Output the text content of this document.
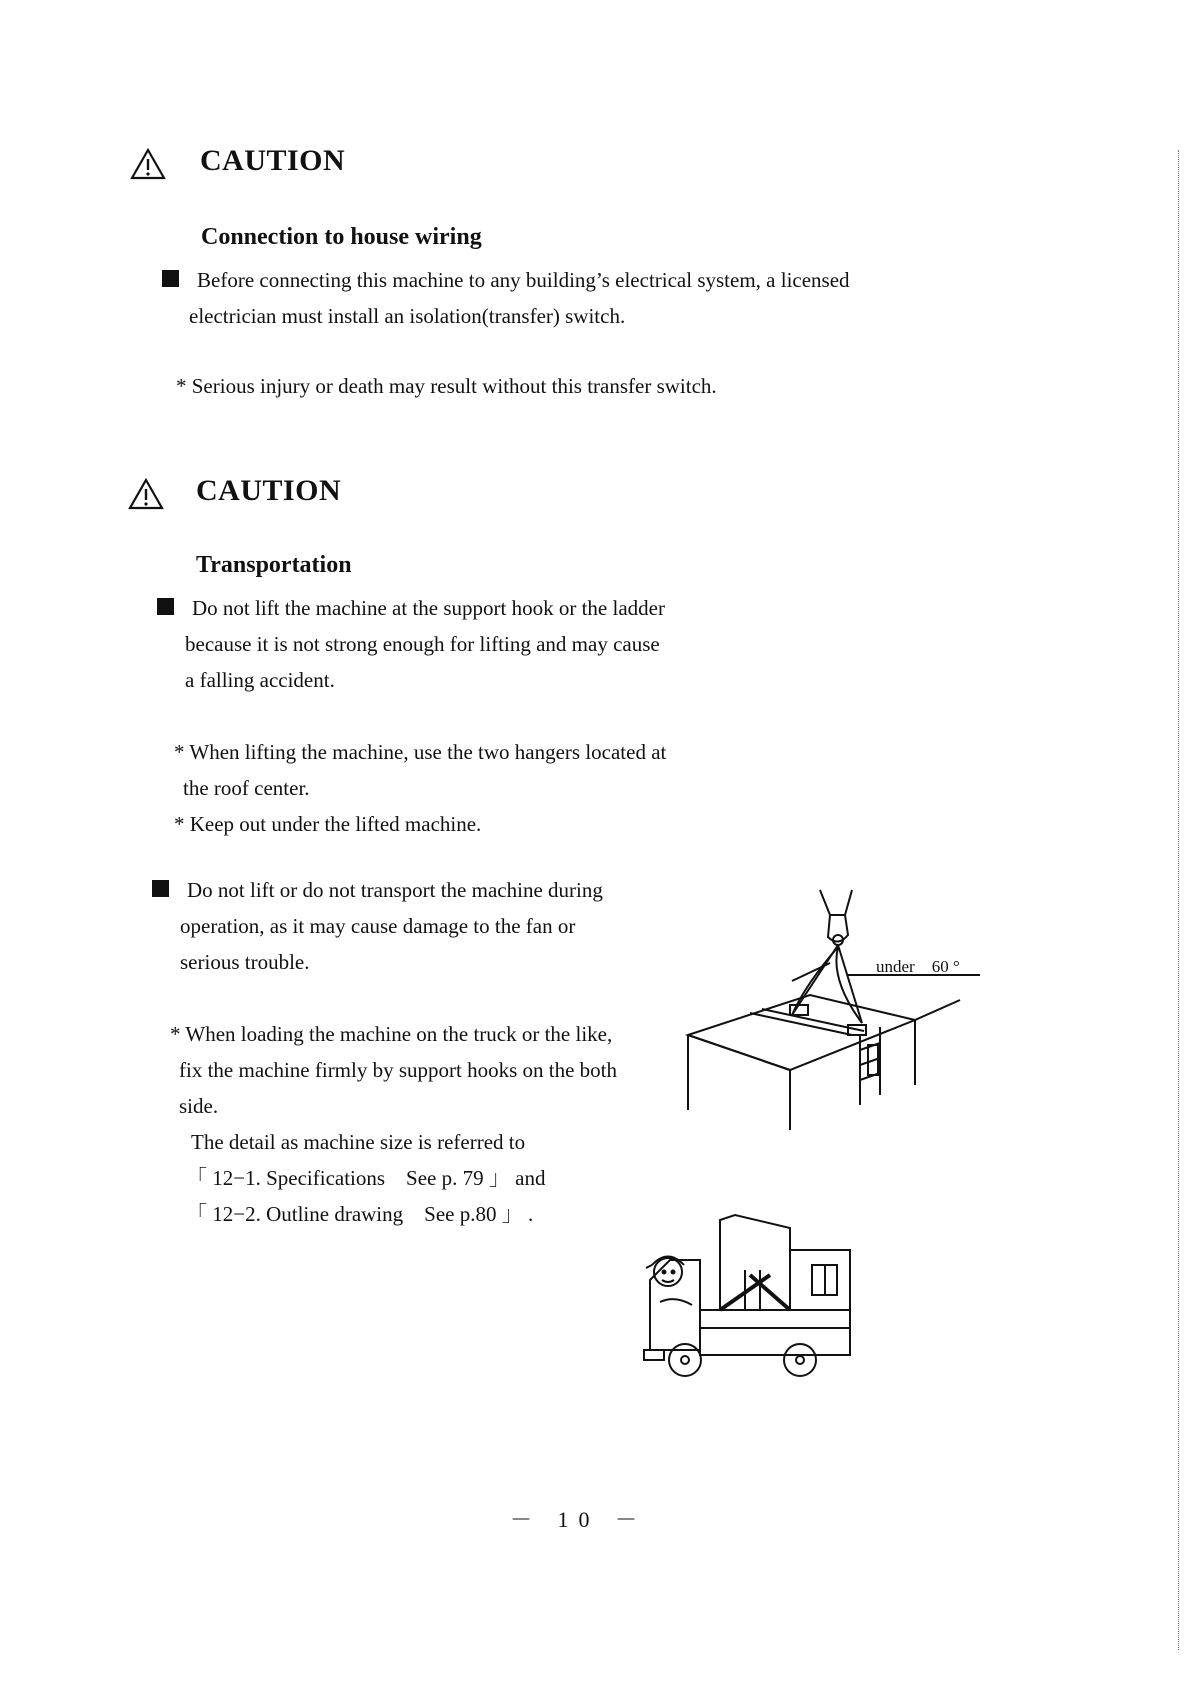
CAUTION
Connection to house wiring
Before connecting this machine to any building’s electrical system, a licensed
electrician must install an isolation(transfer) switch.
* Serious injury or death may result without this transfer switch.
CAUTION
Transportation
Do not lift the machine at the support hook or the ladder
because it is not strong enough for lifting and may cause
a falling accident.
* When lifting the machine, use the two hangers located at
the roof center.
* Keep out under the lifted machine.
Do not lift or do not transport the machine during
operation, as it may cause damage to the fan or
serious trouble.
* When loading the machine on the truck or the like,
fix the machine firmly by support hooks on the both
side.
The detail as machine size is referred to
「 12−1. Specifications　See p. 79 」 and
「 12−2. Outline drawing　See p.80 」 .
under　60 °
－ 10 －
